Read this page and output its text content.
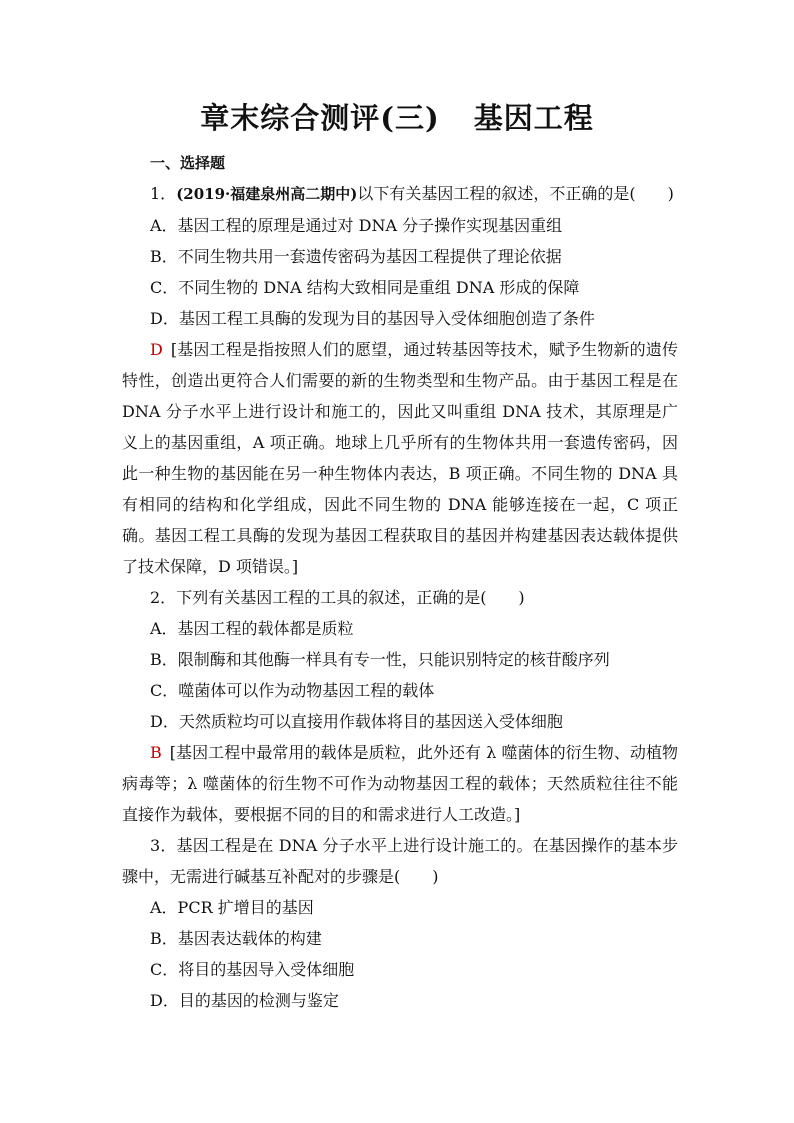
章末综合测评(三) 基因工程
一、选择题
1．(2019·福建泉州高二期中)以下有关基因工程的叙述，不正确的是(　　)
A．基因工程的原理是通过对 DNA 分子操作实现基因重组
B．不同生物共用一套遗传密码为基因工程提供了理论依据
C．不同生物的 DNA 结构大致相同是重组 DNA 形成的保障
D．基因工程工具酶的发现为目的基因导入受体细胞创造了条件
D [基因工程是指按照人们的愿望，通过转基因等技术，赋予生物新的遗传特性，创造出更符合人们需要的新的生物类型和生物产品。由于基因工程是在 DNA 分子水平上进行设计和施工的，因此又叫重组 DNA 技术，其原理是广义上的基因重组，A 项正确。地球上几乎所有的生物体共用一套遗传密码，因此一种生物的基因能在另一种生物体内表达，B 项正确。不同生物的 DNA 具有相同的结构和化学组成，因此不同生物的 DNA 能够连接在一起，C 项正确。基因工程工具酶的发现为基因工程获取目的基因并构建基因表达载体提供了技术保障，D 项错误。]
2．下列有关基因工程的工具的叙述，正确的是(　　)
A．基因工程的载体都是质粒
B．限制酶和其他酶一样具有专一性，只能识别特定的核苷酸序列
C．噬菌体可以作为动物基因工程的载体
D．天然质粒均可以直接用作载体将目的基因送入受体细胞
B [基因工程中最常用的载体是质粒，此外还有 λ 噬菌体的衍生物、动植物病毒等；λ 噬菌体的衍生物不可作为动物基因工程的载体；天然质粒往往不能直接作为载体，要根据不同的目的和需求进行人工改造。]
3．基因工程是在 DNA 分子水平上进行设计施工的。在基因操作的基本步骤中，无需进行碱基互补配对的步骤是(　　)
A．PCR 扩增目的基因
B．基因表达载体的构建
C．将目的基因导入受体细胞
D．目的基因的检测与鉴定
